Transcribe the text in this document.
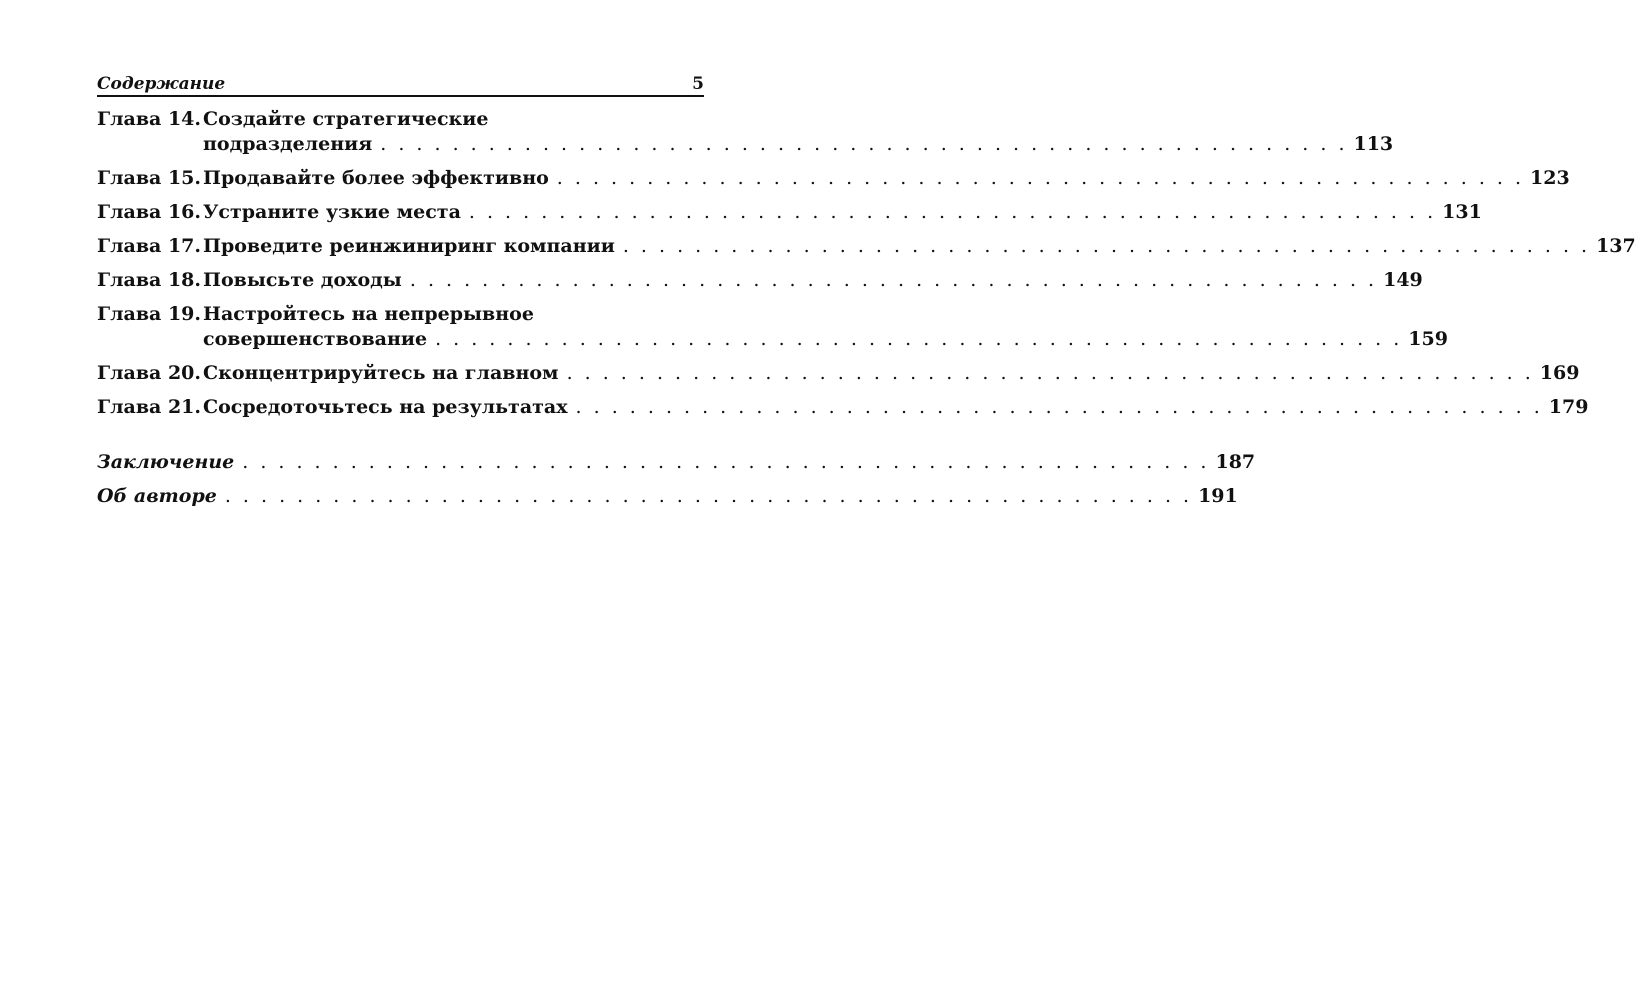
Содержание	5
Глава 14. Создайте стратегические
подразделения . . . . . . . . . . . . . . . . . . . . . . . . . . . . . . . . . . . . . . . . . . . . . . . . . . . . . . 113
Глава 15. Продавайте более эффективно . . . . . . . . . . . . . . . . . . . . . . . . . . . . . . . . . . . . . . . . . . . . . . . . . . . . . . 123
Глава 16. Устраните узкие места . . . . . . . . . . . . . . . . . . . . . . . . . . . . . . . . . . . . . . . . . . . . . . . . . . . . . . 131
Глава 17. Проведите реинжиниринг компании . . . . . . . . . . . . . . . . . . . . . . . . . . . . . . . . . . . . . . . . . . . . . . . . . . . . . . 137
Глава 18. Повысьте доходы . . . . . . . . . . . . . . . . . . . . . . . . . . . . . . . . . . . . . . . . . . . . . . . . . . . . . . 149
Глава 19. Настройтесь на непрерывное
совершенствование . . . . . . . . . . . . . . . . . . . . . . . . . . . . . . . . . . . . . . . . . . . . . . . . . . . . . . 159
Глава 20. Сконцентрируйтесь на главном . . . . . . . . . . . . . . . . . . . . . . . . . . . . . . . . . . . . . . . . . . . . . . . . . . . . . . 169
Глава 21. Сосредоточьтесь на результатах . . . . . . . . . . . . . . . . . . . . . . . . . . . . . . . . . . . . . . . . . . . . . . . . . . . . . . 179
Заключение . . . . . . . . . . . . . . . . . . . . . . . . . . . . . . . . . . . . . . . . . . . . . . . . . . . . . . 187
Об авторе . . . . . . . . . . . . . . . . . . . . . . . . . . . . . . . . . . . . . . . . . . . . . . . . . . . . . . 191
